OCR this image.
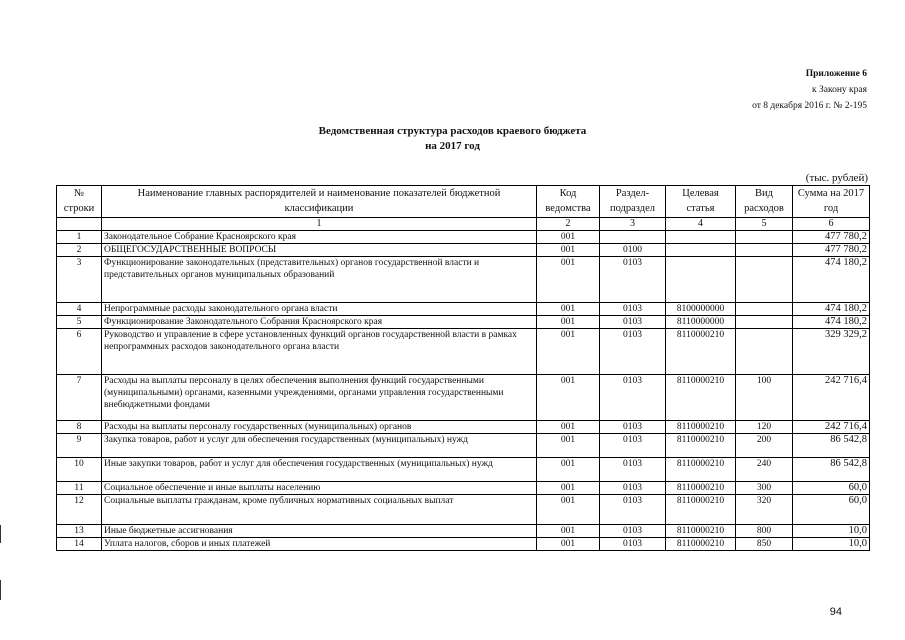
Приложение 6
к Закону края
от 8 декабря 2016 г. № 2-195
Ведомственная структура расходов краевого бюджета
на 2017 год
(тыс. рублей)
№ строки	Наименование главных распорядителей и наименование показателей бюджетной классификации	Код ведомства	Раздел-подраздел	Целевая статья	Вид расходов	Сумма на 2017 год
	1	2	3	4	5	6
1	Законодательное Собрание Красноярского края	001				477 780,2
2	ОБЩЕГОСУДАРСТВЕННЫЕ ВОПРОСЫ	001	0100			477 780,2
3	Функционирование законодательных (представительных) органов государственной власти и представительных органов муниципальных образований	001	0103			474 180,2
4	Непрограммные расходы законодательного органа власти	001	0103	8100000000		474 180,2
5	Функционирование Законодательного Собрания Красноярского края	001	0103	8110000000		474 180,2
6	Руководство и управление в сфере установленных функций органов государственной власти в рамках непрограммных расходов законодательного органа власти	001	0103	8110000210		329 329,2
7	Расходы на выплаты персоналу в целях обеспечения выполнения функций государственными (муниципальными) органами, казенными учреждениями, органами управления государственными внебюджетными фондами	001	0103	8110000210	100	242 716,4
8	Расходы на выплаты персоналу государственных (муниципальных) органов	001	0103	8110000210	120	242 716,4
9	Закупка товаров, работ и услуг для обеспечения государственных (муниципальных) нужд	001	0103	8110000210	200	86 542,8
10	Иные закупки товаров, работ и услуг для обеспечения государственных (муниципальных) нужд	001	0103	8110000210	240	86 542,8
11	Социальное обеспечение и иные выплаты населению	001	0103	8110000210	300	60,0
12	Социальные выплаты гражданам, кроме публичных нормативных социальных выплат	001	0103	8110000210	320	60,0
13	Иные бюджетные ассигнования	001	0103	8110000210	800	10,0
14	Уплата налогов, сборов и иных платежей	001	0103	8110000210	850	10,0
94
